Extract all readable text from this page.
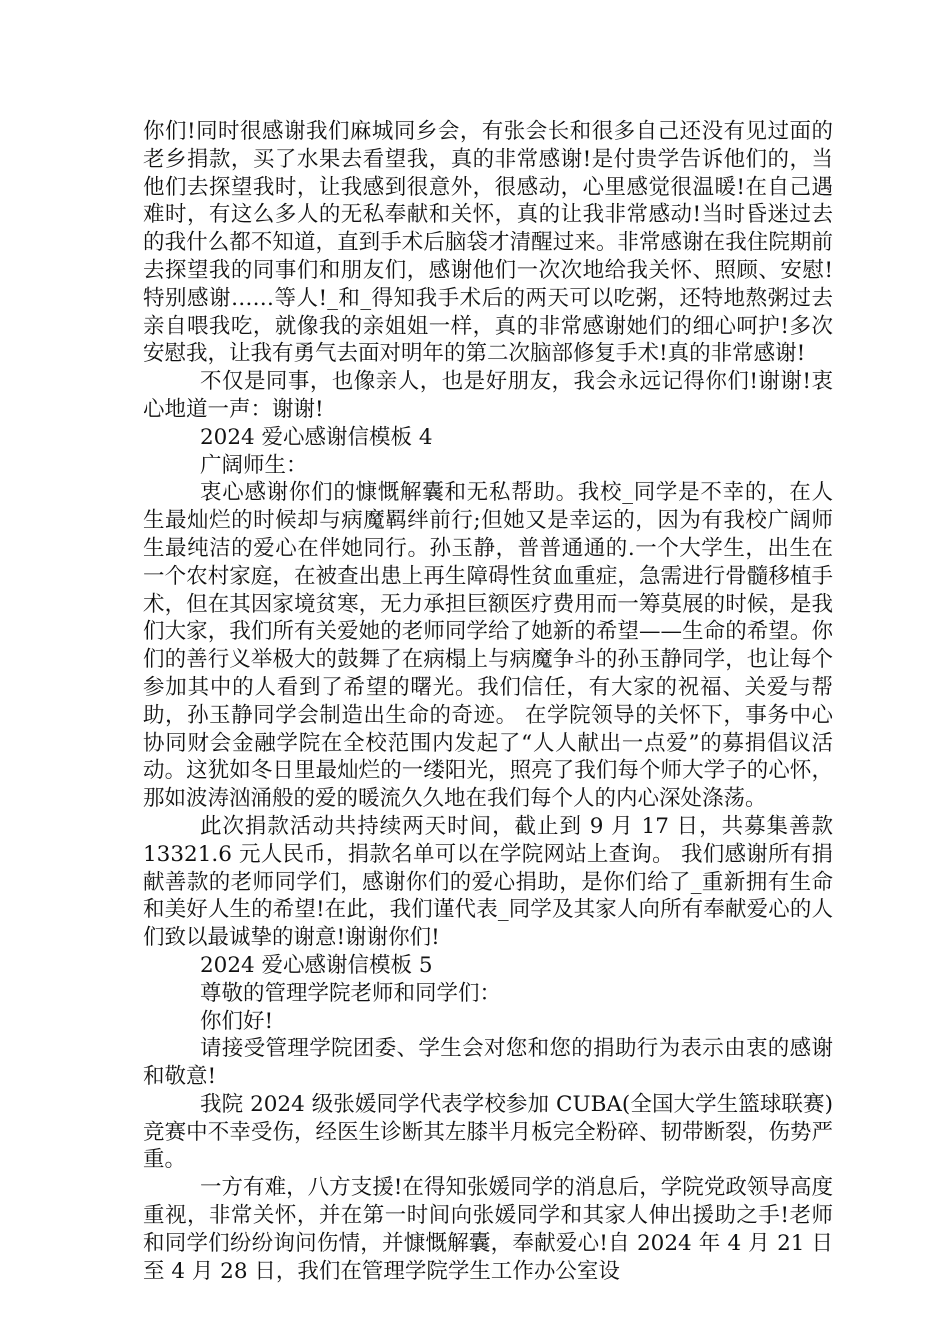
你们!同时很感谢我们麻城同乡会，有张会长和很多自己还没有见过面的老乡捐款，买了水果去看望我，真的非常感谢!是付贵学告诉他们的，当他们去探望我时，让我感到很意外，很感动，心里感觉很温暖!在自己遇难时，有这么多人的无私奉献和关怀，真的让我非常感动!当时昏迷过去的我什么都不知道，直到手术后脑袋才清醒过来。非常感谢在我住院期前去探望我的同事们和朋友们，感谢他们一次次地给我关怀、照顾、安慰!特别感谢……等人!_和_得知我手术后的两天可以吃粥，还特地熬粥过去亲自喂我吃，就像我的亲姐姐一样，真的非常感谢她们的细心呵护!多次安慰我，让我有勇气去面对明年的第二次脑部修复手术!真的非常感谢!

不仅是同事，也像亲人，也是好朋友，我会永远记得你们!谢谢!衷心地道一声：谢谢!

2024 爱心感谢信模板 4

广阔师生：

衷心感谢你们的慷慨解囊和无私帮助。我校_同学是不幸的，在人生最灿烂的时候却与病魔羁绊前行;但她又是幸运的，因为有我校广阔师生最纯洁的爱心在伴她同行。孙玉静，普普通通的.一个大学生，出生在一个农村家庭，在被查出患上再生障碍性贫血重症，急需进行骨髓移植手术，但在其因家境贫寒，无力承担巨额医疗费用而一筹莫展的时候，是我们大家，我们所有关爱她的老师同学给了她新的希望——生命的希望。你们的善行义举极大的鼓舞了在病榻上与病魔争斗的孙玉静同学，也让每个参加其中的人看到了希望的曙光。我们信任，有大家的祝福、关爱与帮助，孙玉静同学会制造出生命的奇迹。 在学院领导的关怀下，事务中心协同财会金融学院在全校范围内发起了“人人献出一点爱”的募捐倡议活动。这犹如冬日里最灿烂的一缕阳光，照亮了我们每个师大学子的心怀，那如波涛汹涌般的爱的暖流久久地在我们每个人的内心深处涤荡。

此次捐款活动共持续两天时间，截止到 9 月 17 日，共募集善款 13321.6 元人民币，捐款名单可以在学院网站上查询。 我们感谢所有捐献善款的老师同学们，感谢你们的爱心捐助，是你们给了_重新拥有生命和美好人生的希望!在此，我们谨代表_同学及其家人向所有奉献爱心的人们致以最诚挚的谢意!谢谢你们!

2024 爱心感谢信模板 5

尊敬的管理学院老师和同学们：

你们好!

请接受管理学院团委、学生会对您和您的捐助行为表示由衷的感谢和敬意!

我院 2024 级张媛同学代表学校参加 CUBA(全国大学生篮球联赛)竞赛中不幸受伤，经医生诊断其左膝半月板完全粉碎、韧带断裂，伤势严重。

一方有难，八方支援!在得知张媛同学的消息后，学院党政领导高度重视，非常关怀，并在第一时间向张媛同学和其家人伸出援助之手!老师和同学们纷纷询问伤情，并慷慨解囊，奉献爱心!自 2024 年 4 月 21 日至 4 月 28 日，我们在管理学院学生工作办公室设
